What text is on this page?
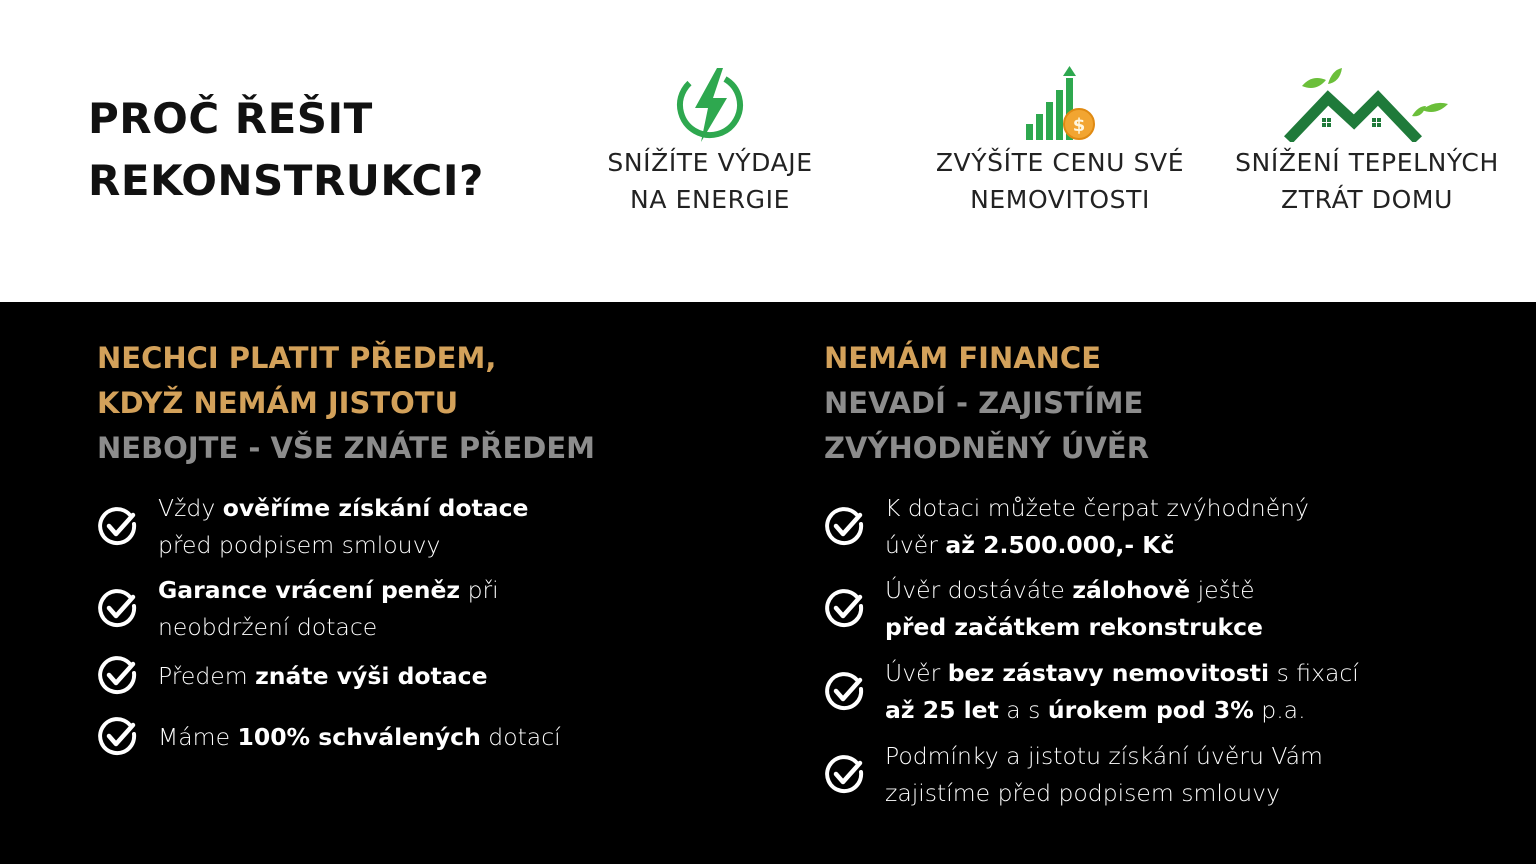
PROČ ŘEŠIT
REKONSTRUKCI?	SNÍŽÍTE VÝDAJE
NA ENERGIE
$
ZVÝŠÍTE CENU SVÉ
NEMOVITOSTI
SNÍŽENÍ TEPELNÝCH
ZTRÁT DOMU
NECHCI PLATIT PŘEDEM,
KDYŽ NEMÁM JISTOTU
NEBOJTE - VŠE ZNÁTE PŘEDEM
Vždy ověříme získání dotace
před podpisem smlouvy
Garance vrácení peněz při
neobdržení dotace
Předem znáte výši dotace
Máme 100% schválených dotací
NEMÁM FINANCE
NEVADÍ - ZAJISTÍME
ZVÝHODNĚNÝ ÚVĚR
K dotaci můžete čerpat zvýhodněný
úvěr až 2.500.000,- Kč
Úvěr dostáváte zálohově ještě
před začátkem rekonstrukce
Úvěr bez zástavy nemovitosti s fixací
až 25 let a s úrokem pod 3% p.a.
Podmínky a jistotu získání úvěru Vám
zajistíme před podpisem smlouvy
